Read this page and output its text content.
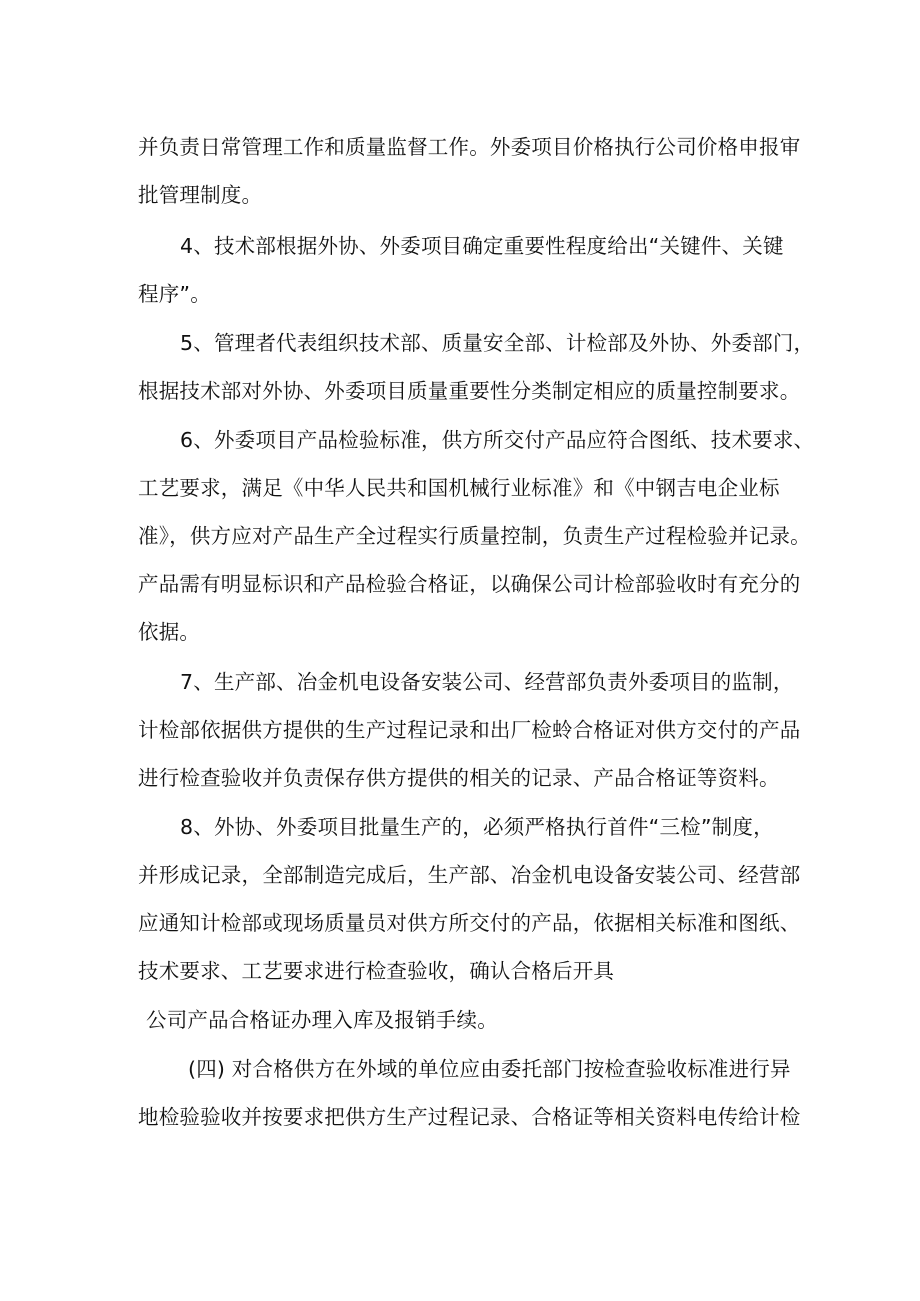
并负责日常管理工作和质量监督工作。外委项目价格执行公司价格申报审
批管理制度。
4、技术部根据外协、外委项目确定重要性程度给出“关键件、关键
程序”。
5、管理者代表组织技术部、质量安全部、计检部及外协、外委部门，
根据技术部对外协、外委项目质量重要性分类制定相应的质量控制要求。
6、外委项目产品检验标准，供方所交付产品应符合图纸、技术要求、
工艺要求，满足《中华人民共和国机械行业标准》和《中钢吉电企业标
准》，供方应对产品生产全过程实行质量控制，负责生产过程检验并记录。
产品需有明显标识和产品检验合格证，以确保公司计检部验收时有充分的
依据。
7、生产部、冶金机电设备安装公司、经营部负责外委项目的监制，
计检部依据供方提供的生产过程记录和出厂检蛉合格证对供方交付的产品
进行检查验收并负责保存供方提供的相关的记录、产品合格证等资料。
8、外协、外委项目批量生产的，必须严格执行首件“三检”制度，
并形成记录，全部制造完成后，生产部、冶金机电设备安装公司、经营部
应通知计检部或现场质量员对供方所交付的产品，依据相关标准和图纸、
技术要求、工艺要求进行检查验收，确认合格后开具
公司产品合格证办理入库及报销手续。
(四) 对合格供方在外域的单位应由委托部门按检查验收标准进行异
地检验验收并按要求把供方生产过程记录、合格证等相关资料电传给计检
